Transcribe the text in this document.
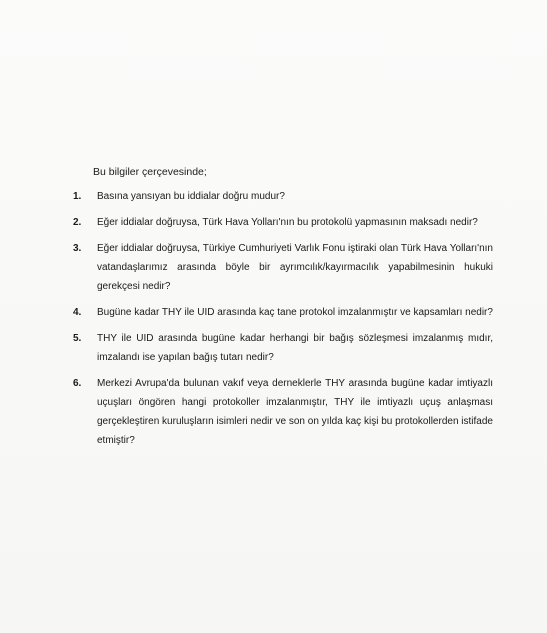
Bu bilgiler çerçevesinde;
1.	Basına yansıyan bu iddialar doğru mudur?
2.	Eğer iddialar doğruysa, Türk Hava Yolları'nın bu protokolü yapmasının maksadı nedir?
3.	Eğer iddialar doğruysa, Türkiye Cumhuriyeti Varlık Fonu iştiraki olan Türk Hava Yolları'nın vatandaşlarımız arasında böyle bir ayrımcılık/kayırmacılık yapabilmesinin hukuki gerekçesi nedir?
4.	Bugüne kadar THY ile UID arasında kaç tane protokol imzalanmıştır ve kapsamları nedir?
5.	THY ile UID arasında bugüne kadar herhangi bir bağış sözleşmesi imzalanmış mıdır, imzalandı ise yapılan bağış tutarı nedir?
6.	Merkezi Avrupa'da bulunan vakıf veya derneklerle THY arasında bugüne kadar imtiyazlı uçuşları öngören hangi protokoller imzalanmıştır, THY ile imtiyazlı uçuş anlaşması gerçekleştiren kuruluşların isimleri nedir ve son on yılda kaç kişi bu protokollerden istifade etmiştir?
